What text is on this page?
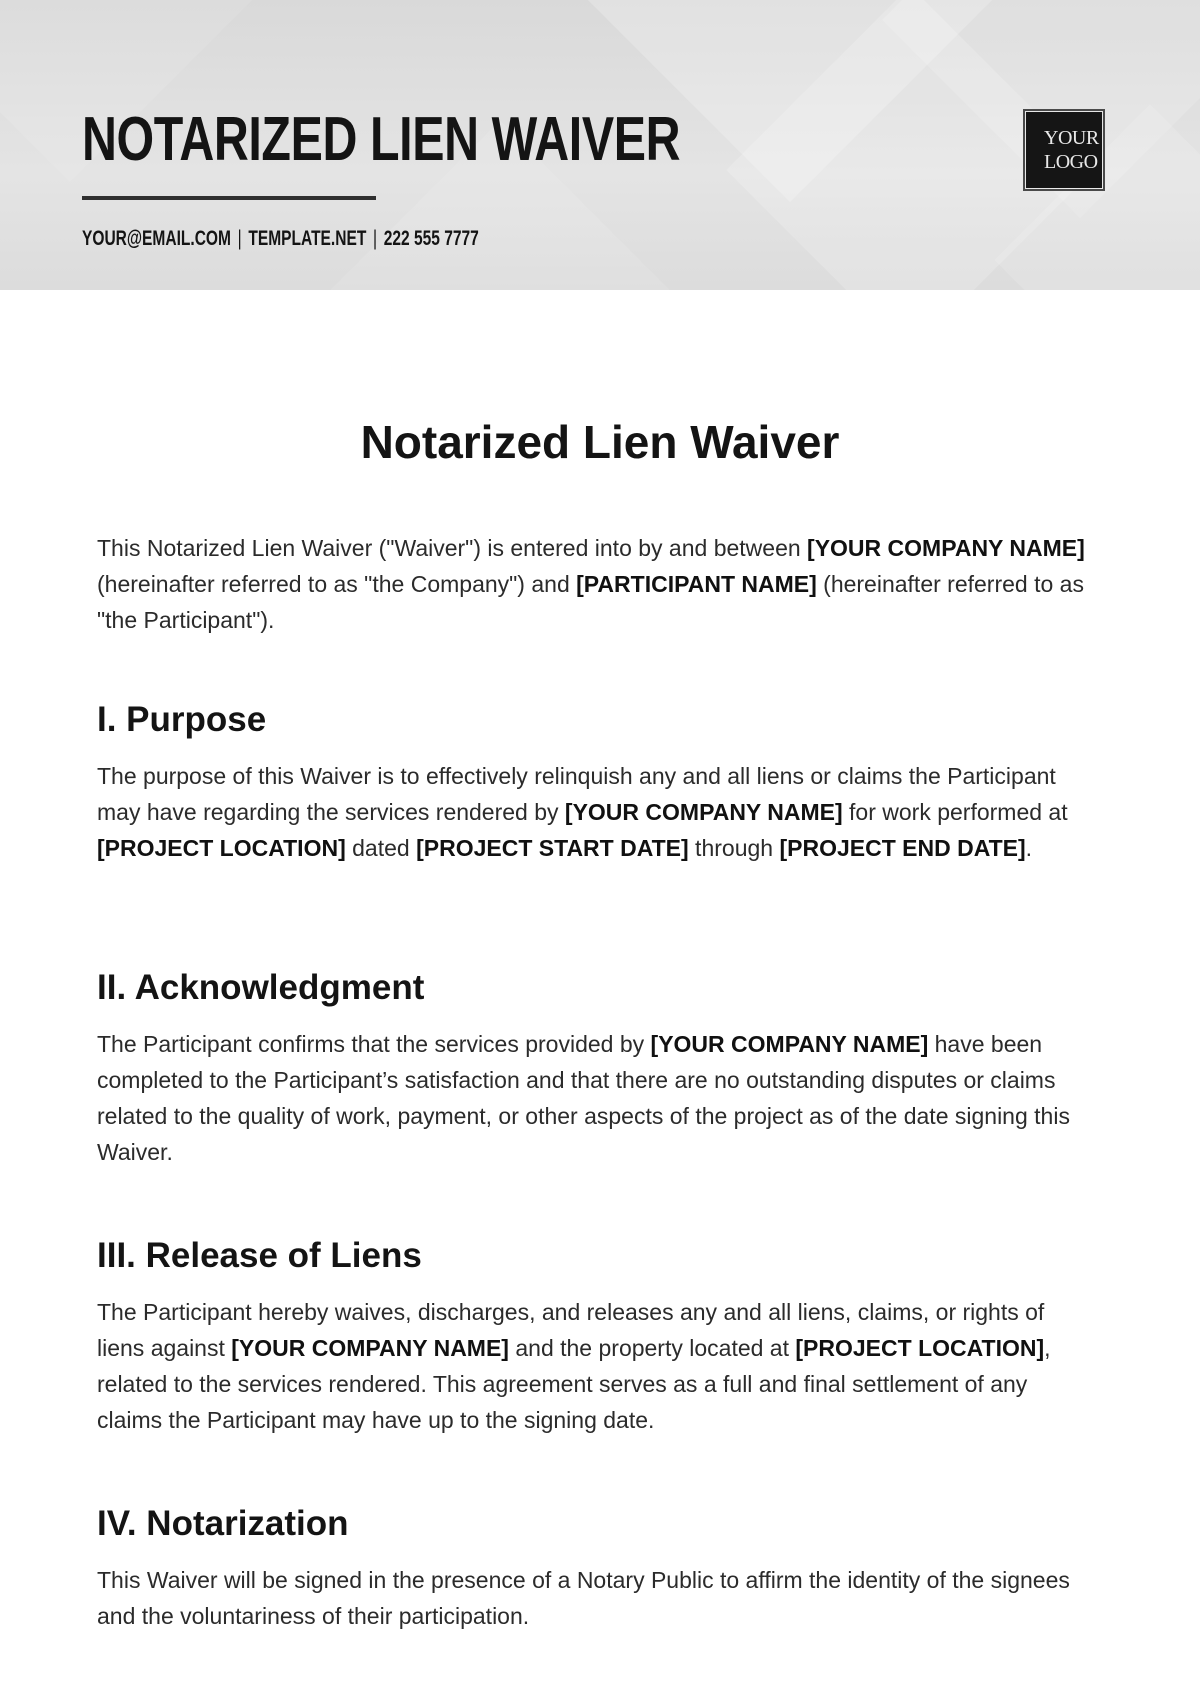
NOTARIZED LIEN WAIVER
YOUR@EMAIL.COM | TEMPLATE.NET | 222 555 7777
YOUR
LOGO
Notarized Lien Waiver

This Notarized Lien Waiver ("Waiver") is entered into by and between [YOUR COMPANY NAME] (hereinafter referred to as "the Company") and [PARTICIPANT NAME] (hereinafter referred to as "the Participant").

I. Purpose

The purpose of this Waiver is to effectively relinquish any and all liens or claims the Participant may have regarding the services rendered by [YOUR COMPANY NAME] for work performed at [PROJECT LOCATION] dated [PROJECT START DATE] through [PROJECT END DATE].

II. Acknowledgment

The Participant confirms that the services provided by [YOUR COMPANY NAME] have been completed to the Participant’s satisfaction and that there are no outstanding disputes or claims related to the quality of work, payment, or other aspects of the project as of the date signing this Waiver.

III. Release of Liens

The Participant hereby waives, discharges, and releases any and all liens, claims, or rights of liens against [YOUR COMPANY NAME] and the property located at [PROJECT LOCATION], related to the services rendered. This agreement serves as a full and final settlement of any claims the Participant may have up to the signing date.

IV. Notarization

This Waiver will be signed in the presence of a Notary Public to affirm the identity of the signees and the voluntariness of their participation.
